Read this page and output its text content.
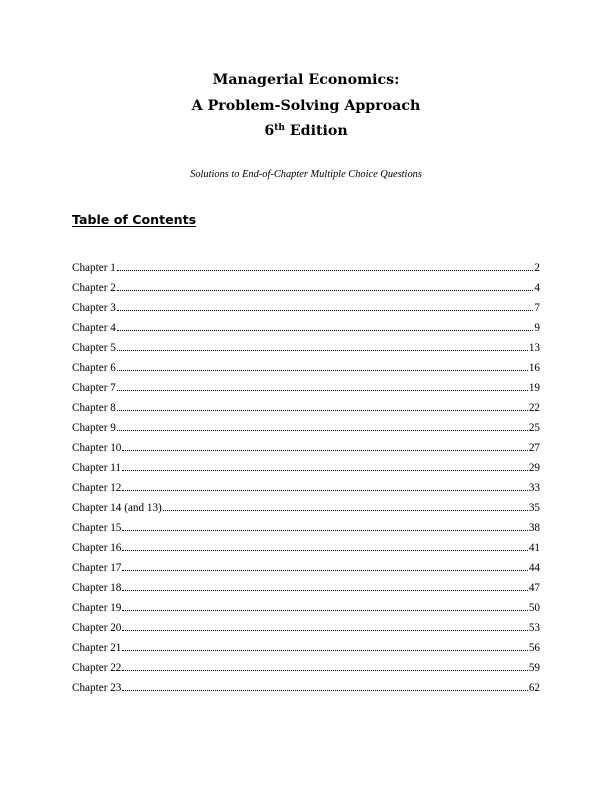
Managerial Economics:
A Problem-Solving Approach
6th Edition
Solutions to End-of-Chapter Multiple Choice Questions
Table of Contents
Chapter 1	2
Chapter 2	4
Chapter 3	7
Chapter 4	9
Chapter 5	13
Chapter 6	16
Chapter 7	19
Chapter 8	22
Chapter 9	25
Chapter 10	27
Chapter 11	29
Chapter 12	33
Chapter 14 (and 13)	35
Chapter 15	38
Chapter 16	41
Chapter 17	44
Chapter 18	47
Chapter 19	50
Chapter 20	53
Chapter 21	56
Chapter 22	59
Chapter 23	62
